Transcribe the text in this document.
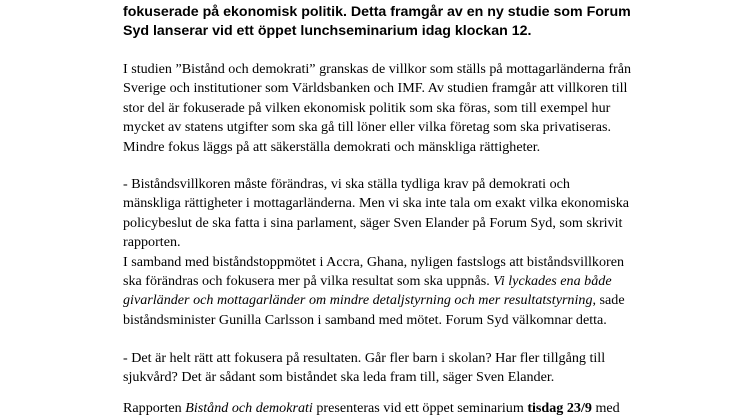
fokuserade på ekonomisk politik. Detta framgår av en ny studie som Forum
Syd lanserar vid ett öppet lunchseminarium idag klockan 12.
I studien ”Bistånd och demokrati” granskas de villkor som ställs på mottagarländerna från
Sverige och institutioner som Världsbanken och IMF. Av studien framgår att villkoren till
stor del är fokuserade på vilken ekonomisk politik som ska föras, som till exempel hur
mycket av statens utgifter som ska gå till löner eller vilka företag som ska privatiseras.
Mindre fokus läggs på att säkerställa demokrati och mänskliga rättigheter.
- Biståndsvillkoren måste förändras, vi ska ställa tydliga krav på demokrati och
mänskliga rättigheter i mottagarländerna. Men vi ska inte tala om exakt vilka ekonomiska
policybeslut de ska fatta i sina parlament, säger Sven Elander på Forum Syd, som skrivit
rapporten.
I samband med biståndstoppmötet i Accra, Ghana, nyligen fastslogs att biståndsvillkoren
ska förändras och fokusera mer på vilka resultat som ska uppnås. Vi lyckades ena både
givarländer och mottagarländer om mindre detaljstyrning och mer resultatstyrning, sade
biståndsminister Gunilla Carlsson i samband med mötet. Forum Syd välkomnar detta.
- Det är helt rätt att fokusera på resultaten. Går fler barn i skolan? Har fler tillgång till
sjukvård? Det är sådant som biståndet ska leda fram till, säger Sven Elander.
Rapporten Bistånd och demokrati presenteras vid ett öppet seminarium tisdag 23/9 med
